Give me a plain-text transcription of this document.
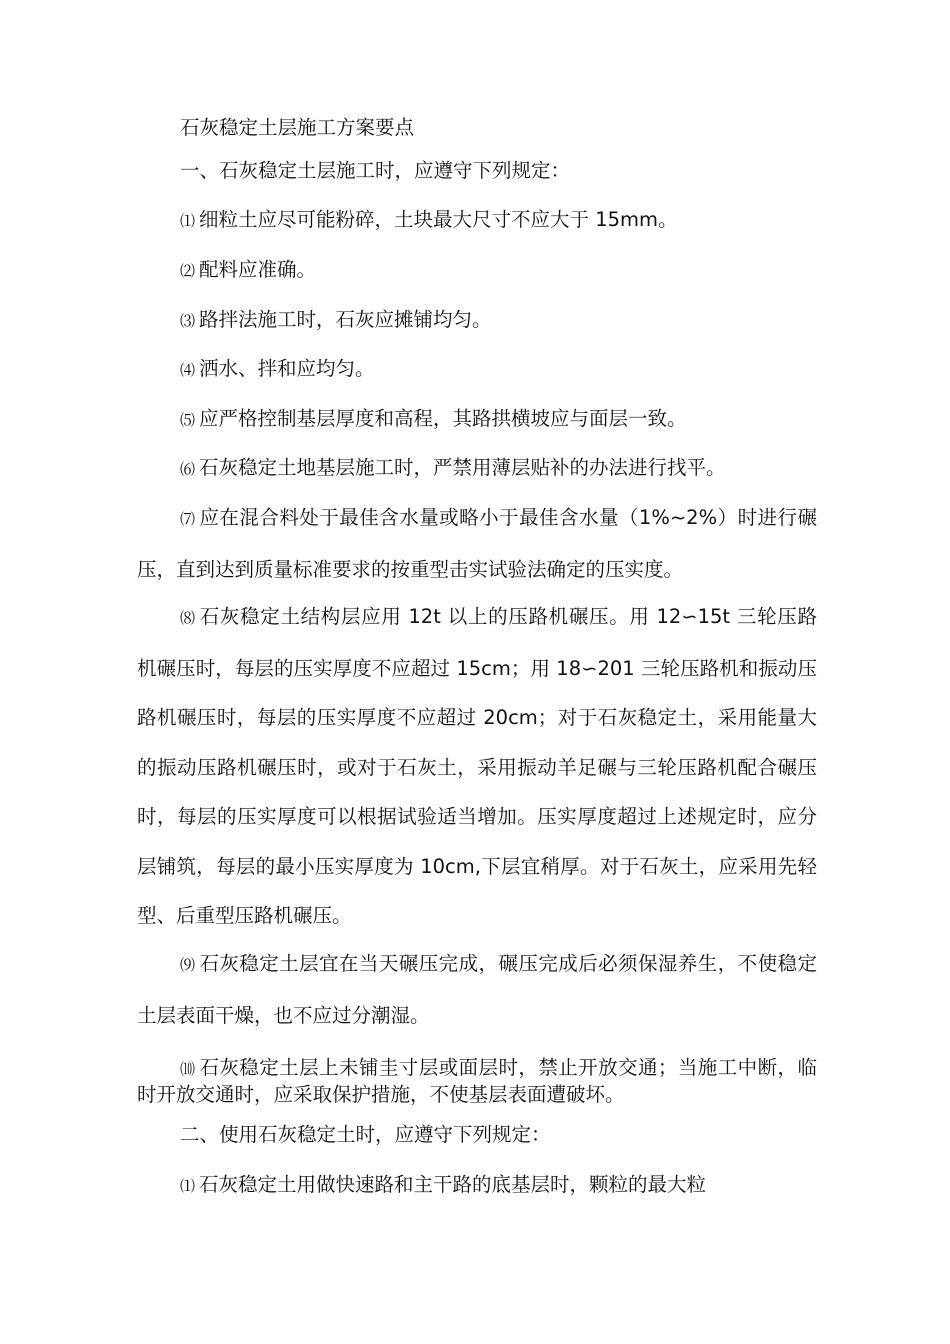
石灰稳定土层施工方案要点

一、石灰稳定土层施工时，应遵守下列规定：

⑴ 细粒土应尽可能粉碎，土块最大尺寸不应大于 15mm。

⑵ 配料应准确。

⑶ 路拌法施工时，石灰应摊铺均匀。

⑷ 洒水、拌和应均匀。

⑸ 应严格控制基层厚度和高程，其路拱横坡应与面层一致。

⑹ 石灰稳定土地基层施工时，严禁用薄层贴补的办法进行找平。

⑺ 应在混合料处于最佳含水量或略小于最佳含水量（1%~2%）时进行碾压，直到达到质量标准要求的按重型击实试验法确定的压实度。

⑻ 石灰稳定土结构层应用 12t 以上的压路机碾压。用 12∽15t 三轮压路机碾压时，每层的压实厚度不应超过 15cm；用 18∽201 三轮压路机和振动压路机碾压时，每层的压实厚度不应超过 20cm；对于石灰稳定土，采用能量大的振动压路机碾压时，或对于石灰土，采用振动羊足碾与三轮压路机配合碾压时，每层的压实厚度可以根据试验适当增加。压实厚度超过上述规定时，应分层铺筑，每层的最小压实厚度为 10cm,下层宜稍厚。对于石灰土，应采用先轻型、后重型压路机碾压。

⑼ 石灰稳定土层宜在当天碾压完成，碾压完成后必须保湿养生，不使稳定土层表面干燥，也不应过分潮湿。

⑽ 石灰稳定土层上未铺圭寸层或面层时，禁止开放交通；当施工中断，临时开放交通时，应采取保护措施，不使基层表面遭破坏。

二、使用石灰稳定土时，应遵守下列规定：

⑴ 石灰稳定土用做快速路和主干路的底基层时，颗粒的最大粒
